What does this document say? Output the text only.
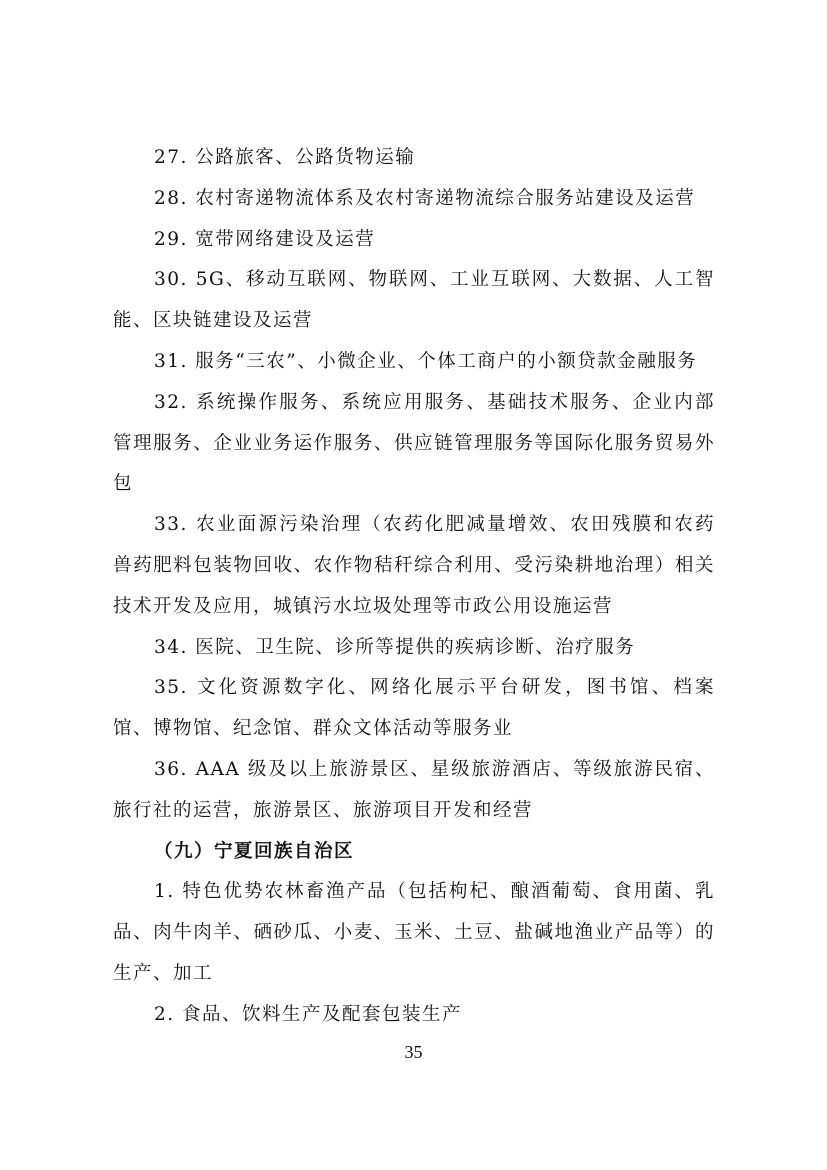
27. 公路旅客、公路货物运输

28. 农村寄递物流体系及农村寄递物流综合服务站建设及运营

29. 宽带网络建设及运营

30. 5G、移动互联网、物联网、工业互联网、大数据、人工智能、区块链建设及运营

31. 服务“三农”、小微企业、个体工商户的小额贷款金融服务

32. 系统操作服务、系统应用服务、基础技术服务、企业内部管理服务、企业业务运作服务、供应链管理服务等国际化服务贸易外包

33. 农业面源污染治理（农药化肥减量增效、农田残膜和农药兽药肥料包装物回收、农作物秸秆综合利用、受污染耕地治理）相关技术开发及应用，城镇污水垃圾处理等市政公用设施运营

34. 医院、卫生院、诊所等提供的疾病诊断、治疗服务

35. 文化资源数字化、网络化展示平台研发，图书馆、档案馆、博物馆、纪念馆、群众文体活动等服务业

36. AAA 级及以上旅游景区、星级旅游酒店、等级旅游民宿、旅行社的运营，旅游景区、旅游项目开发和经营

（九）宁夏回族自治区

1. 特色优势农林畜渔产品（包括枸杞、酿酒葡萄、食用菌、乳品、肉牛肉羊、硒砂瓜、小麦、玉米、土豆、盐碱地渔业产品等）的生产、加工

2. 食品、饮料生产及配套包装生产

35
